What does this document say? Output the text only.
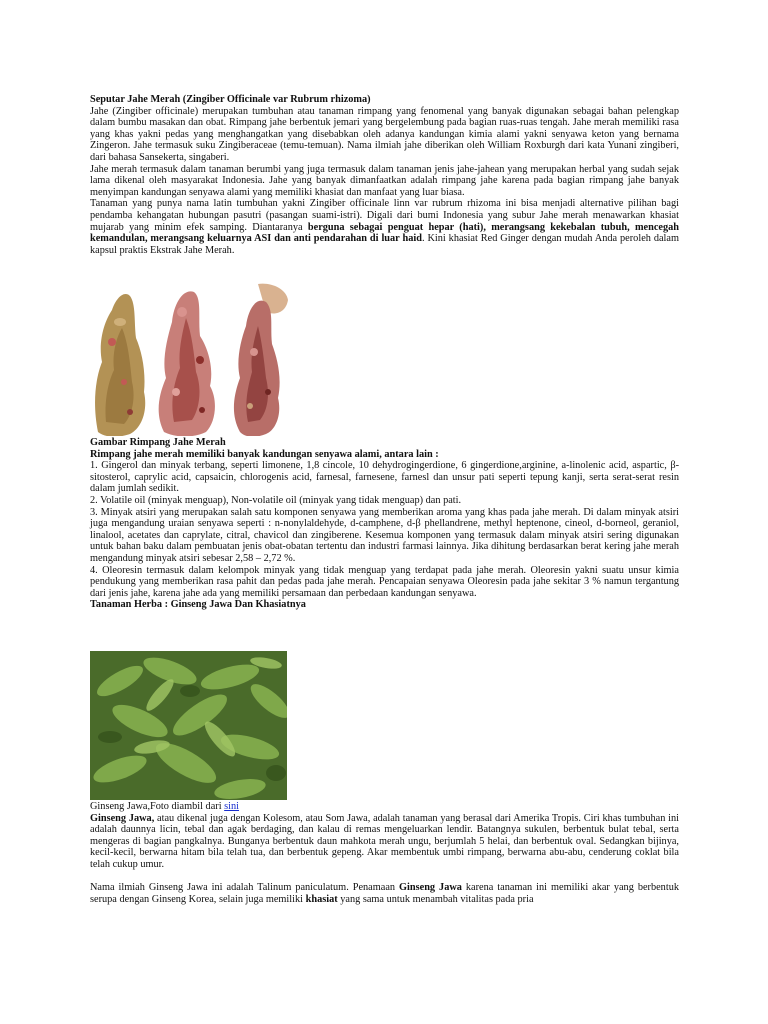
Seputar Jahe Merah (Zingiber Officinale var Rubrum rhizoma)

Jahe (Zingiber officinale) merupakan tumbuhan atau tanaman rimpang yang fenomenal yang banyak digunakan sebagai bahan pelengkap dalam bumbu masakan dan obat. Rimpang jahe berbentuk jemari yang bergelembung pada bagian ruas-ruas tengah. Jahe merah memiliki rasa yang khas yakni pedas yang menghangatkan yang disebabkan oleh adanya kandungan kimia alami yakni senyawa keton yang bernama Zingeron. Jahe termasuk suku Zingiberaceae (temu-temuan). Nama ilmiah jahe diberikan oleh William Roxburgh dari kata Yunani zingiberi, dari bahasa Sansekerta, singaberi.

Jahe merah termasuk dalam tanaman berumbi yang juga termasuk dalam tanaman jenis jahe-jahean yang merupakan herbal yang sudah sejak lama dikenal oleh masyarakat Indonesia. Jahe yang banyak dimanfaatkan adalah rimpang jahe karena pada bagian rimpang jahe banyak menyimpan kandungan senyawa alami yang memiliki khasiat dan manfaat yang luar biasa.

Tanaman yang punya nama latin tumbuhan yakni Zingiber officinale linn var rubrum rhizoma ini bisa menjadi alternative pilihan bagi pendamba kehangatan hubungan pasutri (pasangan suami-istri). Digali dari bumi Indonesia yang subur Jahe merah menawarkan khasiat mujarab yang minim efek samping. Diantaranya berguna sebagai penguat hepar (hati), merangsang kekebalan tubuh, mencegah kemandulan, merangsang keluarnya ASI dan anti pendarahan di luar haid. Kini khasiat Red Ginger dengan mudah Anda peroleh dalam kapsul praktis Ekstrak Jahe Merah.

Gambar Rimpang Jahe Merah
Rimpang jahe merah memiliki banyak kandungan senyawa alami, antara lain :

1. Gingerol dan minyak terbang, seperti limonene, 1,8 cincole, 10 dehydrogingerdione, 6 gingerdione,arginine, a-linolenic acid, aspartic, β-sitosterol, caprylic acid, capsaicin, chlorogenis acid, farnesal, farnesene, farnesl dan unsur pati seperti tepung kanji, serta serat-serat resin dalam jumlah sedikit.

2. Volatile oil (minyak menguap), Non-volatile oil (minyak yang tidak menguap) dan pati.

3. Minyak atsiri yang merupakan salah satu komponen senyawa yang memberikan aroma yang khas pada jahe merah. Di dalam minyak atsiri juga mengandung uraian senyawa seperti : n-nonylaldehyde, d-camphene, d-β phellandrene, methyl heptenone, cineol, d-borneol, geraniol, linalool, acetates dan caprylate, citral, chavicol dan zingiberene. Kesemua komponen yang termasuk dalam minyak atsiri sering digunakan untuk bahan baku dalam pembuatan jenis obat-obatan tertentu dan industri farmasi lainnya. Jika dihitung berdasarkan berat kering jahe merah mengandung minyak atsiri sebesar 2,58 – 2,72 %.

4. Oleoresin termasuk dalam kelompok minyak yang tidak menguap yang terdapat pada jahe merah. Oleoresin yakni suatu unsur kimia pendukung yang memberikan rasa pahit dan pedas pada jahe merah. Pencapaian senyawa Oleoresin pada jahe sekitar 3 % namun tergantung dari jenis jahe, karena jahe ada yang memiliki persamaan dan perbedaan kandungan senyawa.

Tanaman Herba : Ginseng Jawa Dan Khasiatnya

Ginseng Jawa,Foto diambil dari sini

Ginseng Jawa, atau dikenal juga dengan Kolesom, atau Som Jawa, adalah tanaman yang berasal dari Amerika Tropis. Ciri khas tumbuhan ini adalah daunnya licin, tebal dan agak berdaging, dan kalau di remas mengeluarkan lendir. Batangnya sukulen, berbentuk bulat tebal, serta mengeras di bagian pangkalnya. Bunganya berbentuk daun mahkota merah ungu, berjumlah 5 helai, dan berbentuk oval. Sedangkan bijinya, kecil-kecil, berwarna hitam bila telah tua, dan berbentuk gepeng. Akar membentuk umbi rimpang, berwarna abu-abu, cenderung coklat bila telah cukup umur.

Nama ilmiah Ginseng Jawa ini adalah Talinum paniculatum. Penamaan Ginseng Jawa karena tanaman ini memiliki akar yang berbentuk serupa dengan Ginseng Korea, selain juga memiliki khasiat yang sama untuk menambah vitalitas pada pria
